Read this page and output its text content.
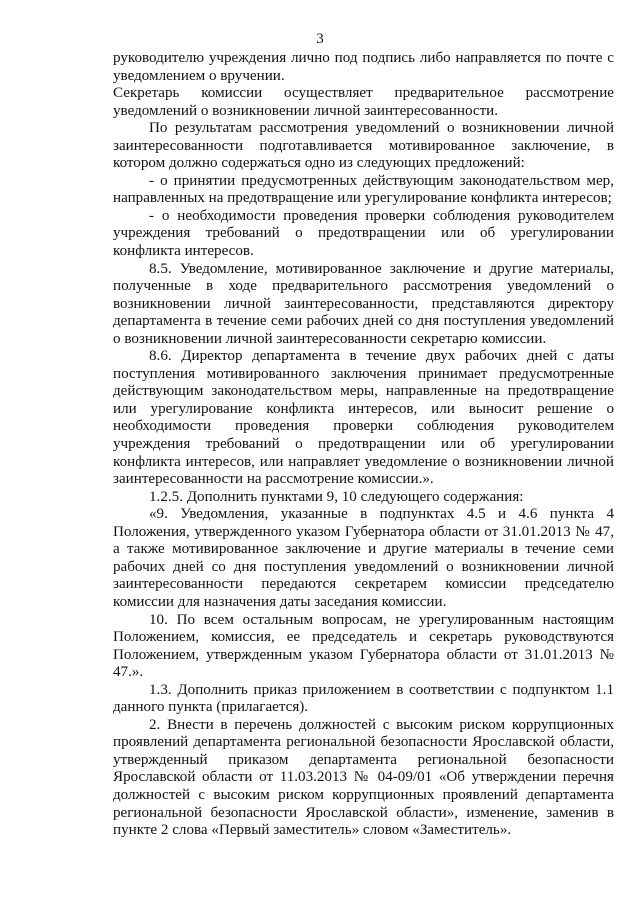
3

руководителю учреждения лично под подпись либо направляется по почте с уведомлением о вручении.

Секретарь комиссии осуществляет предварительное рассмотрение уведомлений о возникновении личной заинтересованности.

По результатам рассмотрения уведомлений о возникновении личной заинтересованности подготавливается мотивированное заключение, в котором должно содержаться одно из следующих предложений:

- о принятии предусмотренных действующим законодательством мер, направленных на предотвращение или урегулирование конфликта интересов;

- о необходимости проведения проверки соблюдения руководителем учреждения требований о предотвращении или об урегулировании конфликта интересов.

8.5. Уведомление, мотивированное заключение и другие материалы, полученные в ходе предварительного рассмотрения уведомлений о возникновении личной заинтересованности, представляются директору департамента в течение семи рабочих дней со дня поступления уведомлений о возникновении личной заинтересованности секретарю комиссии.

8.6. Директор департамента в течение двух рабочих дней с даты поступления мотивированного заключения принимает предусмотренные действующим законодательством меры, направленные на предотвращение или урегулирование конфликта интересов, или выносит решение о необходимости проведения проверки соблюдения руководителем учреждения требований о предотвращении или об урегулировании конфликта интересов, или направляет уведомление о возникновении личной заинтересованности на рассмотрение комиссии.».

1.2.5. Дополнить пунктами 9, 10 следующего содержания:

«9. Уведомления, указанные в подпунктах 4.5 и 4.6 пункта 4 Положения, утвержденного указом Губернатора области от 31.01.2013 № 47, а также мотивированное заключение и другие материалы в течение семи рабочих дней со дня поступления уведомлений о возникновении личной заинтересованности передаются секретарем комиссии председателю комиссии для назначения даты заседания комиссии.

10. По всем остальным вопросам, не урегулированным настоящим Положением, комиссия, ее председатель и секретарь руководствуются Положением, утвержденным указом Губернатора области от 31.01.2013 № 47.».

1.3. Дополнить приказ приложением в соответствии с подпунктом 1.1 данного пункта (прилагается).

2. Внести в перечень должностей с высоким риском коррупционных проявлений департамента региональной безопасности Ярославской области, утвержденный приказом департамента региональной безопасности Ярославской области от 11.03.2013 № 04-09/01 «Об утверждении перечня должностей с высоким риском коррупционных проявлений департамента региональной безопасности Ярославской области», изменение, заменив в пункте 2 слова «Первый заместитель» словом «Заместитель».
